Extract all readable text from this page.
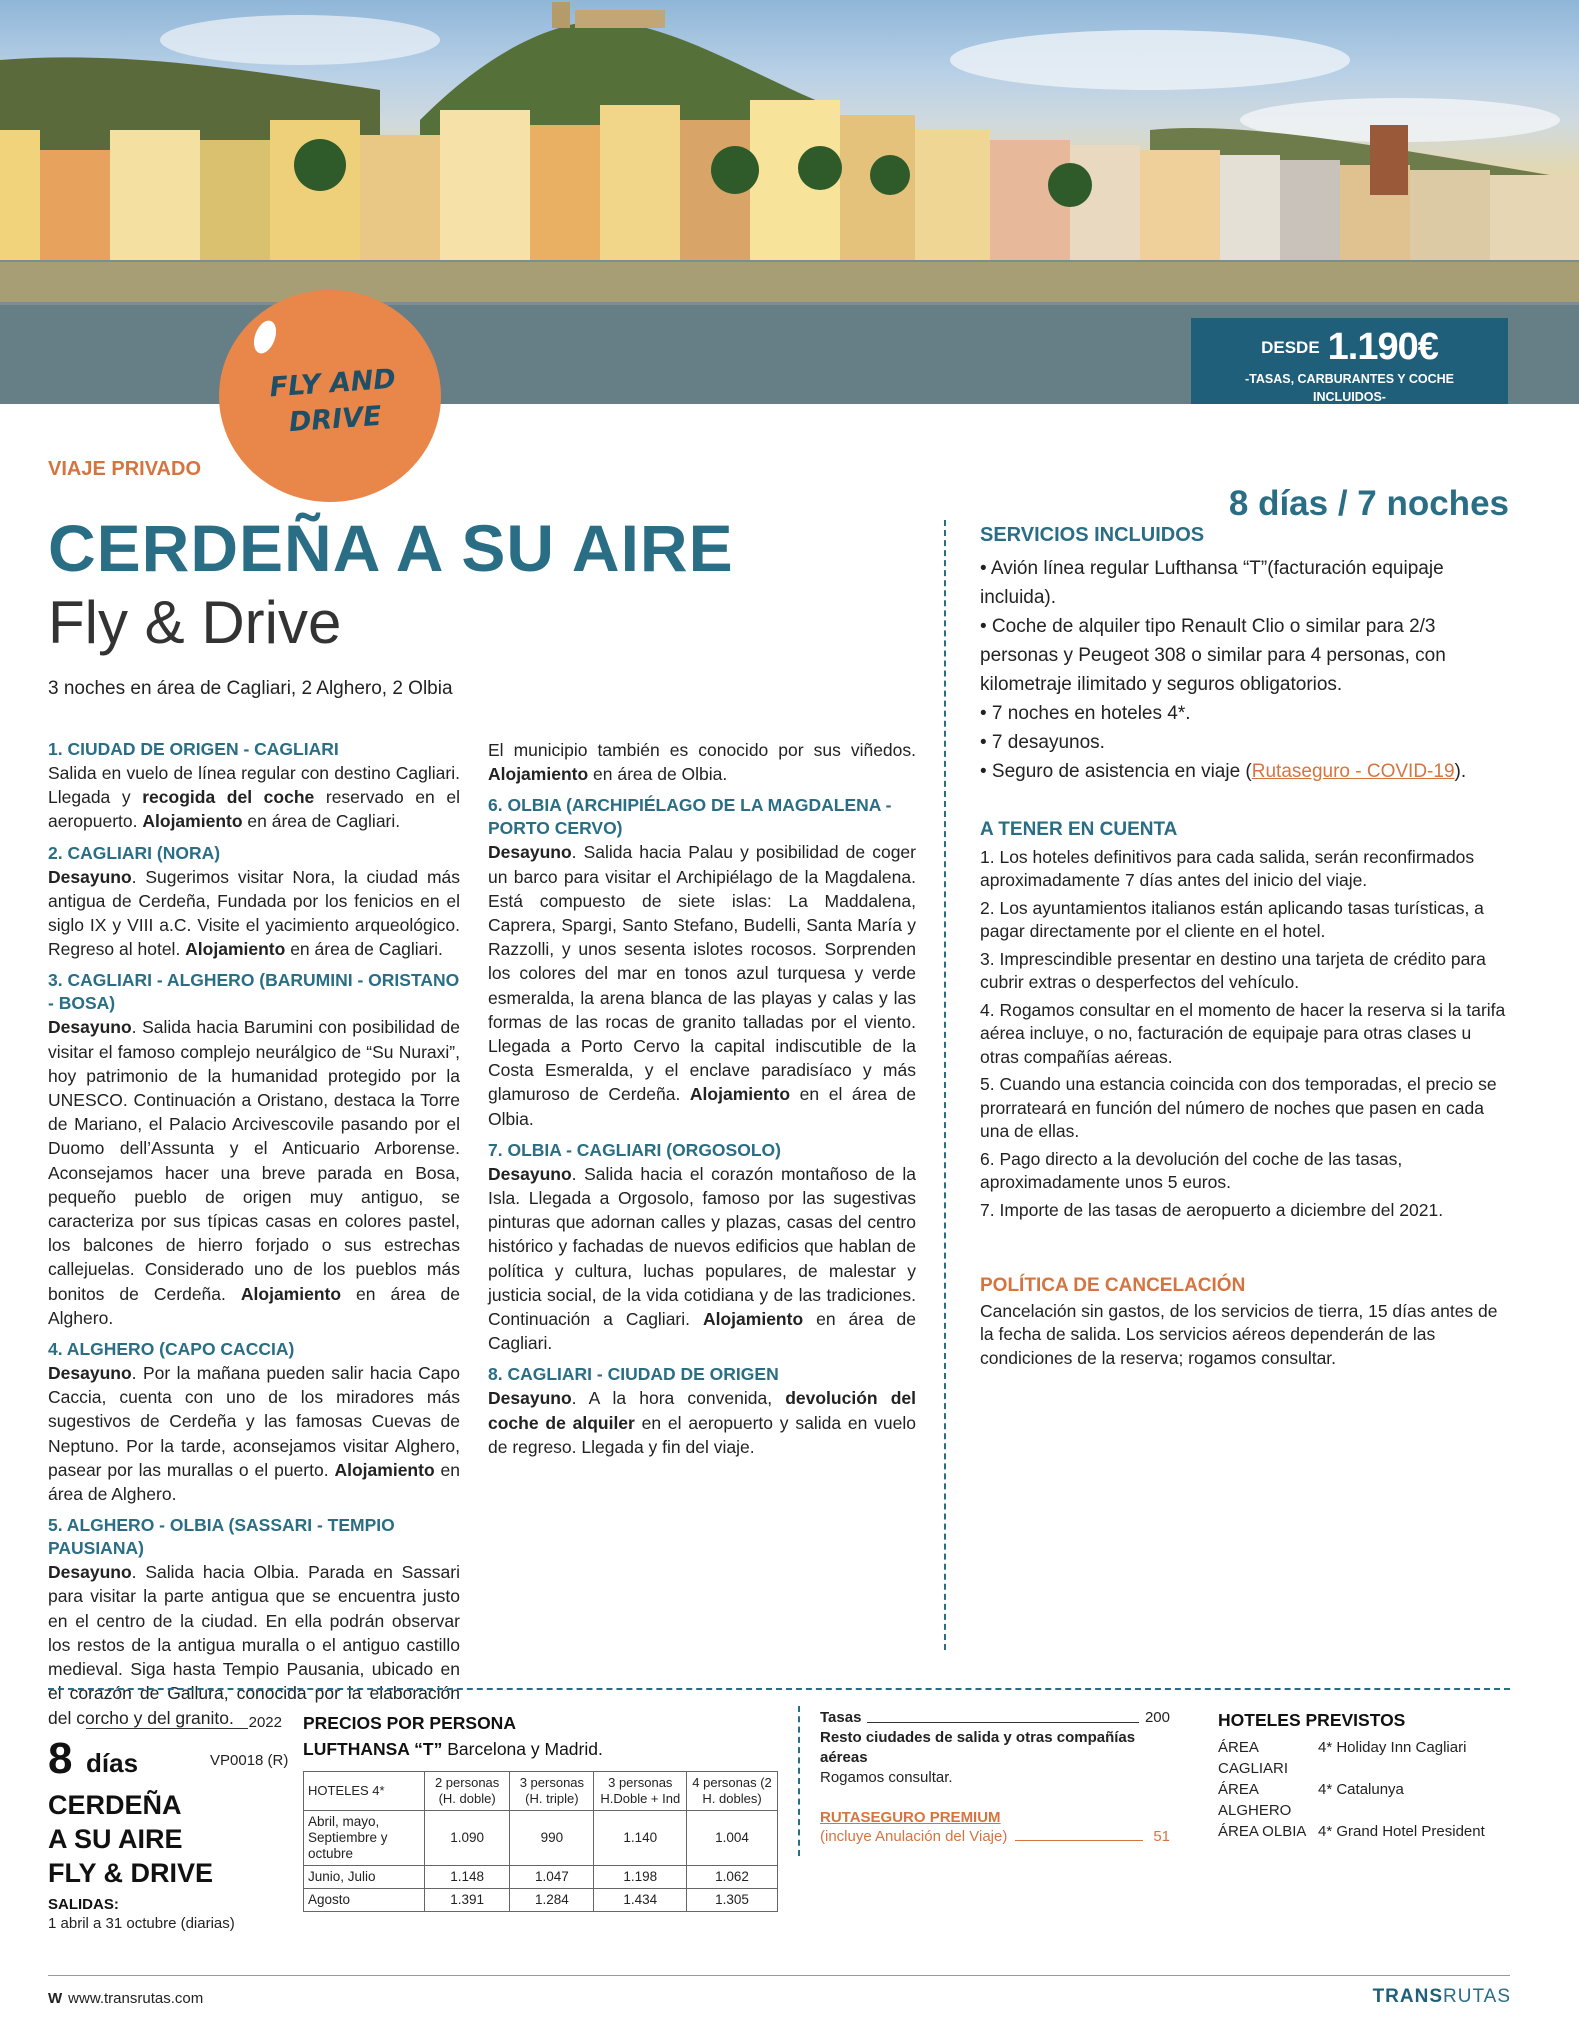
DESDE 1.190€
-TASAS, CARBURANTES Y COCHE
INCLUIDOS-
FLY AND
DRIVE
VIAJE PRIVADO
CERDEÑA A SU AIRE
Fly & Drive
3 noches en área de Cagliari, 2 Alghero, 2 Olbia
1. CIUDAD DE ORIGEN - CAGLIARI

Salida en vuelo de línea regular con destino Cagliari. Llegada y recogida del coche reservado en el aeropuerto. Alojamiento en área de Cagliari.

2. CAGLIARI (NORA)

Desayuno. Sugerimos visitar Nora, la ciudad más antigua de Cerdeña, Fundada por los fenicios en el siglo IX y VIII a.C. Visite el yacimiento arqueológico. Regreso al hotel. Alojamiento en área de Cagliari.

3. CAGLIARI - ALGHERO (BARUMINI - ORISTANO - BOSA)

Desayuno. Salida hacia Barumini con posibilidad de visitar el famoso complejo neurálgico de “Su Nuraxi”, hoy patrimonio de la humanidad protegido por la UNESCO. Continuación a Oristano, destaca la Torre de Mariano, el Palacio Arcivescovile pasando por el Duomo dell’Assunta y el Anticuario Arborense. Aconsejamos hacer una breve parada en Bosa, pequeño pueblo de origen muy antiguo, se caracteriza por sus típicas casas en colores pastel, los balcones de hierro forjado o sus estrechas callejuelas. Considerado uno de los pueblos más bonitos de Cerdeña. Alojamiento en área de Alghero.

4. ALGHERO (CAPO CACCIA)

Desayuno. Por la mañana pueden salir hacia Capo Caccia, cuenta con uno de los miradores más sugestivos de Cerdeña y las famosas Cuevas de Neptuno. Por la tarde, aconsejamos visitar Alghero, pasear por las murallas o el puerto. Alojamiento en área de Alghero.

5. ALGHERO - OLBIA (SASSARI - TEMPIO PAUSIANA)

Desayuno. Salida hacia Olbia. Parada en Sassari para visitar la parte antigua que se encuentra justo en el centro de la ciudad. En ella podrán observar los restos de la antigua muralla o el antiguo castillo medieval. Siga hasta Tempio Pausania, ubicado en el corazón de Gallura, conocida por la elaboración del corcho y del granito.

El municipio también es conocido por sus viñedos. Alojamiento en área de Olbia.

6. OLBIA (ARCHIPIÉLAGO DE LA MAGDALENA - PORTO CERVO)

Desayuno. Salida hacia Palau y posibilidad de coger un barco para visitar el Archipiélago de la Magdalena. Está compuesto de siete islas: La Maddalena, Caprera, Spargi, Santo Stefano, Budelli, Santa María y Razzolli, y unos sesenta islotes rocosos. Sorprenden los colores del mar en tonos azul turquesa y verde esmeralda, la arena blanca de las playas y calas y las formas de las rocas de granito talladas por el viento. Llegada a Porto Cervo la capital indiscutible de la Costa Esmeralda, y el enclave paradisíaco y más glamuroso de Cerdeña. Alojamiento en el área de Olbia.

7. OLBIA - CAGLIARI (ORGOSOLO)

Desayuno. Salida hacia el corazón montañoso de la Isla. Llegada a Orgosolo, famoso por las sugestivas pinturas que adornan calles y plazas, casas del centro histórico y fachadas de nuevos edificios que hablan de política y cultura, luchas populares, de malestar y justicia social, de la vida cotidiana y de las tradiciones. Continuación a Cagliari. Alojamiento en área de Cagliari.

8. CAGLIARI - CIUDAD DE ORIGEN

Desayuno. A la hora convenida, devolución del coche de alquiler en el aeropuerto y salida en vuelo de regreso. Llegada y fin del viaje.

8 días / 7 noches
SERVICIOS INCLUIDOS
• Avión línea regular Lufthansa “T”(facturación equipaje incluida).
• Coche de alquiler tipo Renault Clio o similar para 2/3 personas y Peugeot 308 o similar para 4 personas, con kilometraje ilimitado y seguros obligatorios.
• 7 noches en hoteles 4*.
• 7 desayunos.
• Seguro de asistencia en viaje (Rutaseguro - COVID-19).
A TENER EN CUENTA
1. Los hoteles definitivos para cada salida, serán reconfirmados aproximadamente 7 días antes del inicio del viaje.
2. Los ayuntamientos italianos están aplicando tasas turísticas, a pagar directamente por el cliente en el hotel.
3. Imprescindible presentar en destino una tarjeta de crédito para cubrir extras o desperfectos del vehículo.
4. Rogamos consultar en el momento de hacer la reserva si la tarifa aérea incluye, o no, facturación de equipaje para otras clases u otras compañías aéreas.
5. Cuando una estancia coincida con dos temporadas, el precio se prorrateará en función del número de noches que pasen en cada una de ellas.
6. Pago directo a la devolución del coche de las tasas, aproximadamente unos 5 euros.
7. Importe de las tasas de aeropuerto a diciembre del 2021.
POLÍTICA DE CANCELACIÓN
Cancelación sin gastos, de los servicios de tierra, 15 días antes de la fecha de salida. Los servicios aéreos dependerán de las condiciones de la reserva; rogamos consultar.
2022
8 días	VP0018 (R)
CERDEÑA
A SU AIRE
FLY & DRIVE
SALIDAS:
1 abril a 31 octubre (diarias)
PRECIOS POR PERSONA
LUFTHANSA “T” Barcelona y Madrid.
HOTELES 4*	2 personas (H. doble)	3 personas (H. triple)	3 personas H.Doble + Ind	4 personas (2 H. dobles)
Abril, mayo, Septiembre y octubre	1.090	990	1.140	1.004
Junio, Julio	1.148	1.047	1.198	1.062
Agosto	1.391	1.284	1.434	1.305
Tasas	200
Resto ciudades de salida y otras compañías aéreas
Rogamos consultar.
RUTASEGURO PREMIUM
(incluye Anulación del Viaje)	51
HOTELES PREVISTOS
ÁREA CAGLIARI
4* Holiday Inn Cagliari
ÁREA ALGHERO
4* Catalunya
ÁREA OLBIA 4* Grand Hotel President
W www.transrutas.com	TRANSRUTAS
